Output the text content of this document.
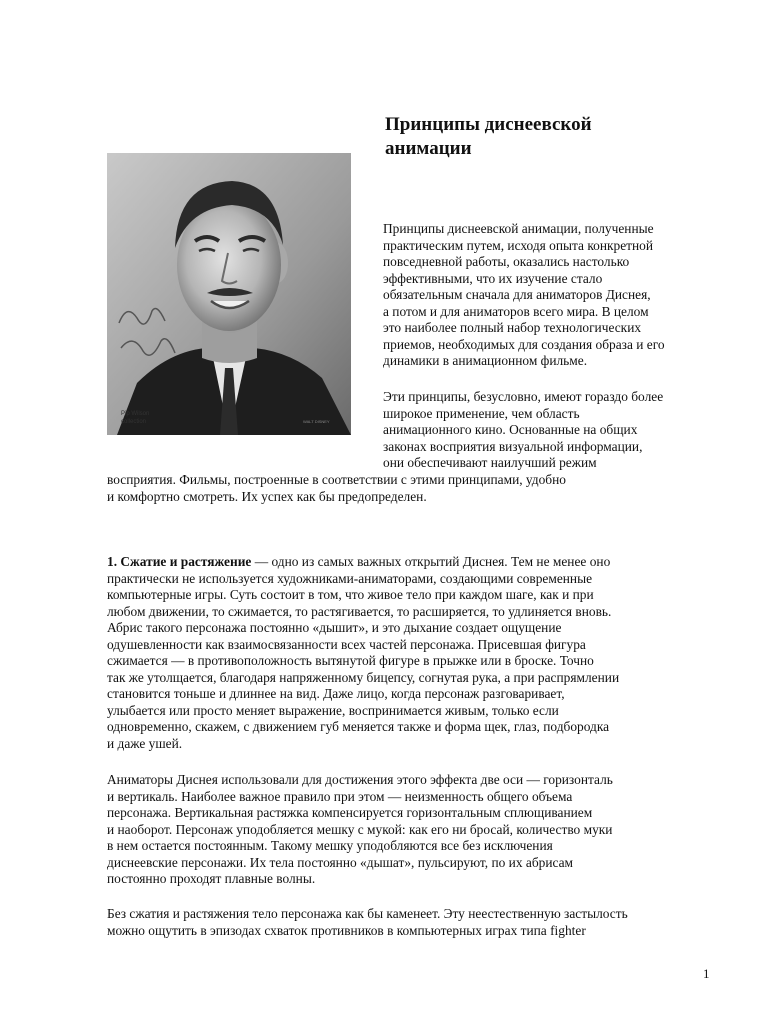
Pip Wilson
collection	WALT DISNEY
Принципы диснеевской
анимации
Принципы диснеевской анимации, полученные
практическим путем, исходя опыта конкретной
повседневной работы, оказались настолько
эффективными, что их изучение стало
обязательным сначала для аниматоров Диснея,
а потом и для аниматоров всего мира. В целом
это наиболее полный набор технологических
приемов, необходимых для создания образа и его
динамики в анимационном фильме.
Эти принципы, безусловно, имеют гораздо более
широкое применение, чем область
анимационного кино. Основанные на общих
законах восприятия визуальной информации,
они обеспечивают наилучший режим
восприятия. Фильмы, построенные в соответствии с этими принципами, удобно
и комфортно смотреть. Их успех как бы предопределен.
1. Сжатие и растяжение — одно из самых важных открытий Диснея. Тем не менее оно
практически не используется художниками-аниматорами, создающими современные
компьютерные игры. Суть состоит в том, что живое тело при каждом шаге, как и при
любом движении, то сжимается, то растягивается, то расширяется, то удлиняется вновь.
Абрис такого персонажа постоянно «дышит», и это дыхание создает ощущение
одушевленности как взаимосвязанности всех частей персонажа. Присевшая фигура
сжимается — в противоположность вытянутой фигуре в прыжке или в броске. Точно
так же утолщается, благодаря напряженному бицепсу, согнутая рука, а при распрямлении
становится тоньше и длиннее на вид. Даже лицо, когда персонаж разговаривает,
улыбается или просто меняет выражение, воспринимается живым, только если
одновременно, скажем, с движением губ меняется также и форма щек, глаз, подбородка
и даже ушей.
Аниматоры Диснея использовали для достижения этого эффекта две оси — горизонталь
и вертикаль. Наиболее важное правило при этом — неизменность общего объема
персонажа. Вертикальная растяжка компенсируется горизонтальным сплющиванием
и наоборот. Персонаж уподобляется мешку с мукой: как его ни бросай, количество муки
в нем остается постоянным. Такому мешку уподобляются все без исключения
диснеевские персонажи. Их тела постоянно «дышат», пульсируют, по их абрисам
постоянно проходят плавные волны.
Без сжатия и растяжения тело персонажа как бы каменеет. Эту неестественную застылость
можно ощутить в эпизодах схваток противников в компьютерных играх типа fighter
1
